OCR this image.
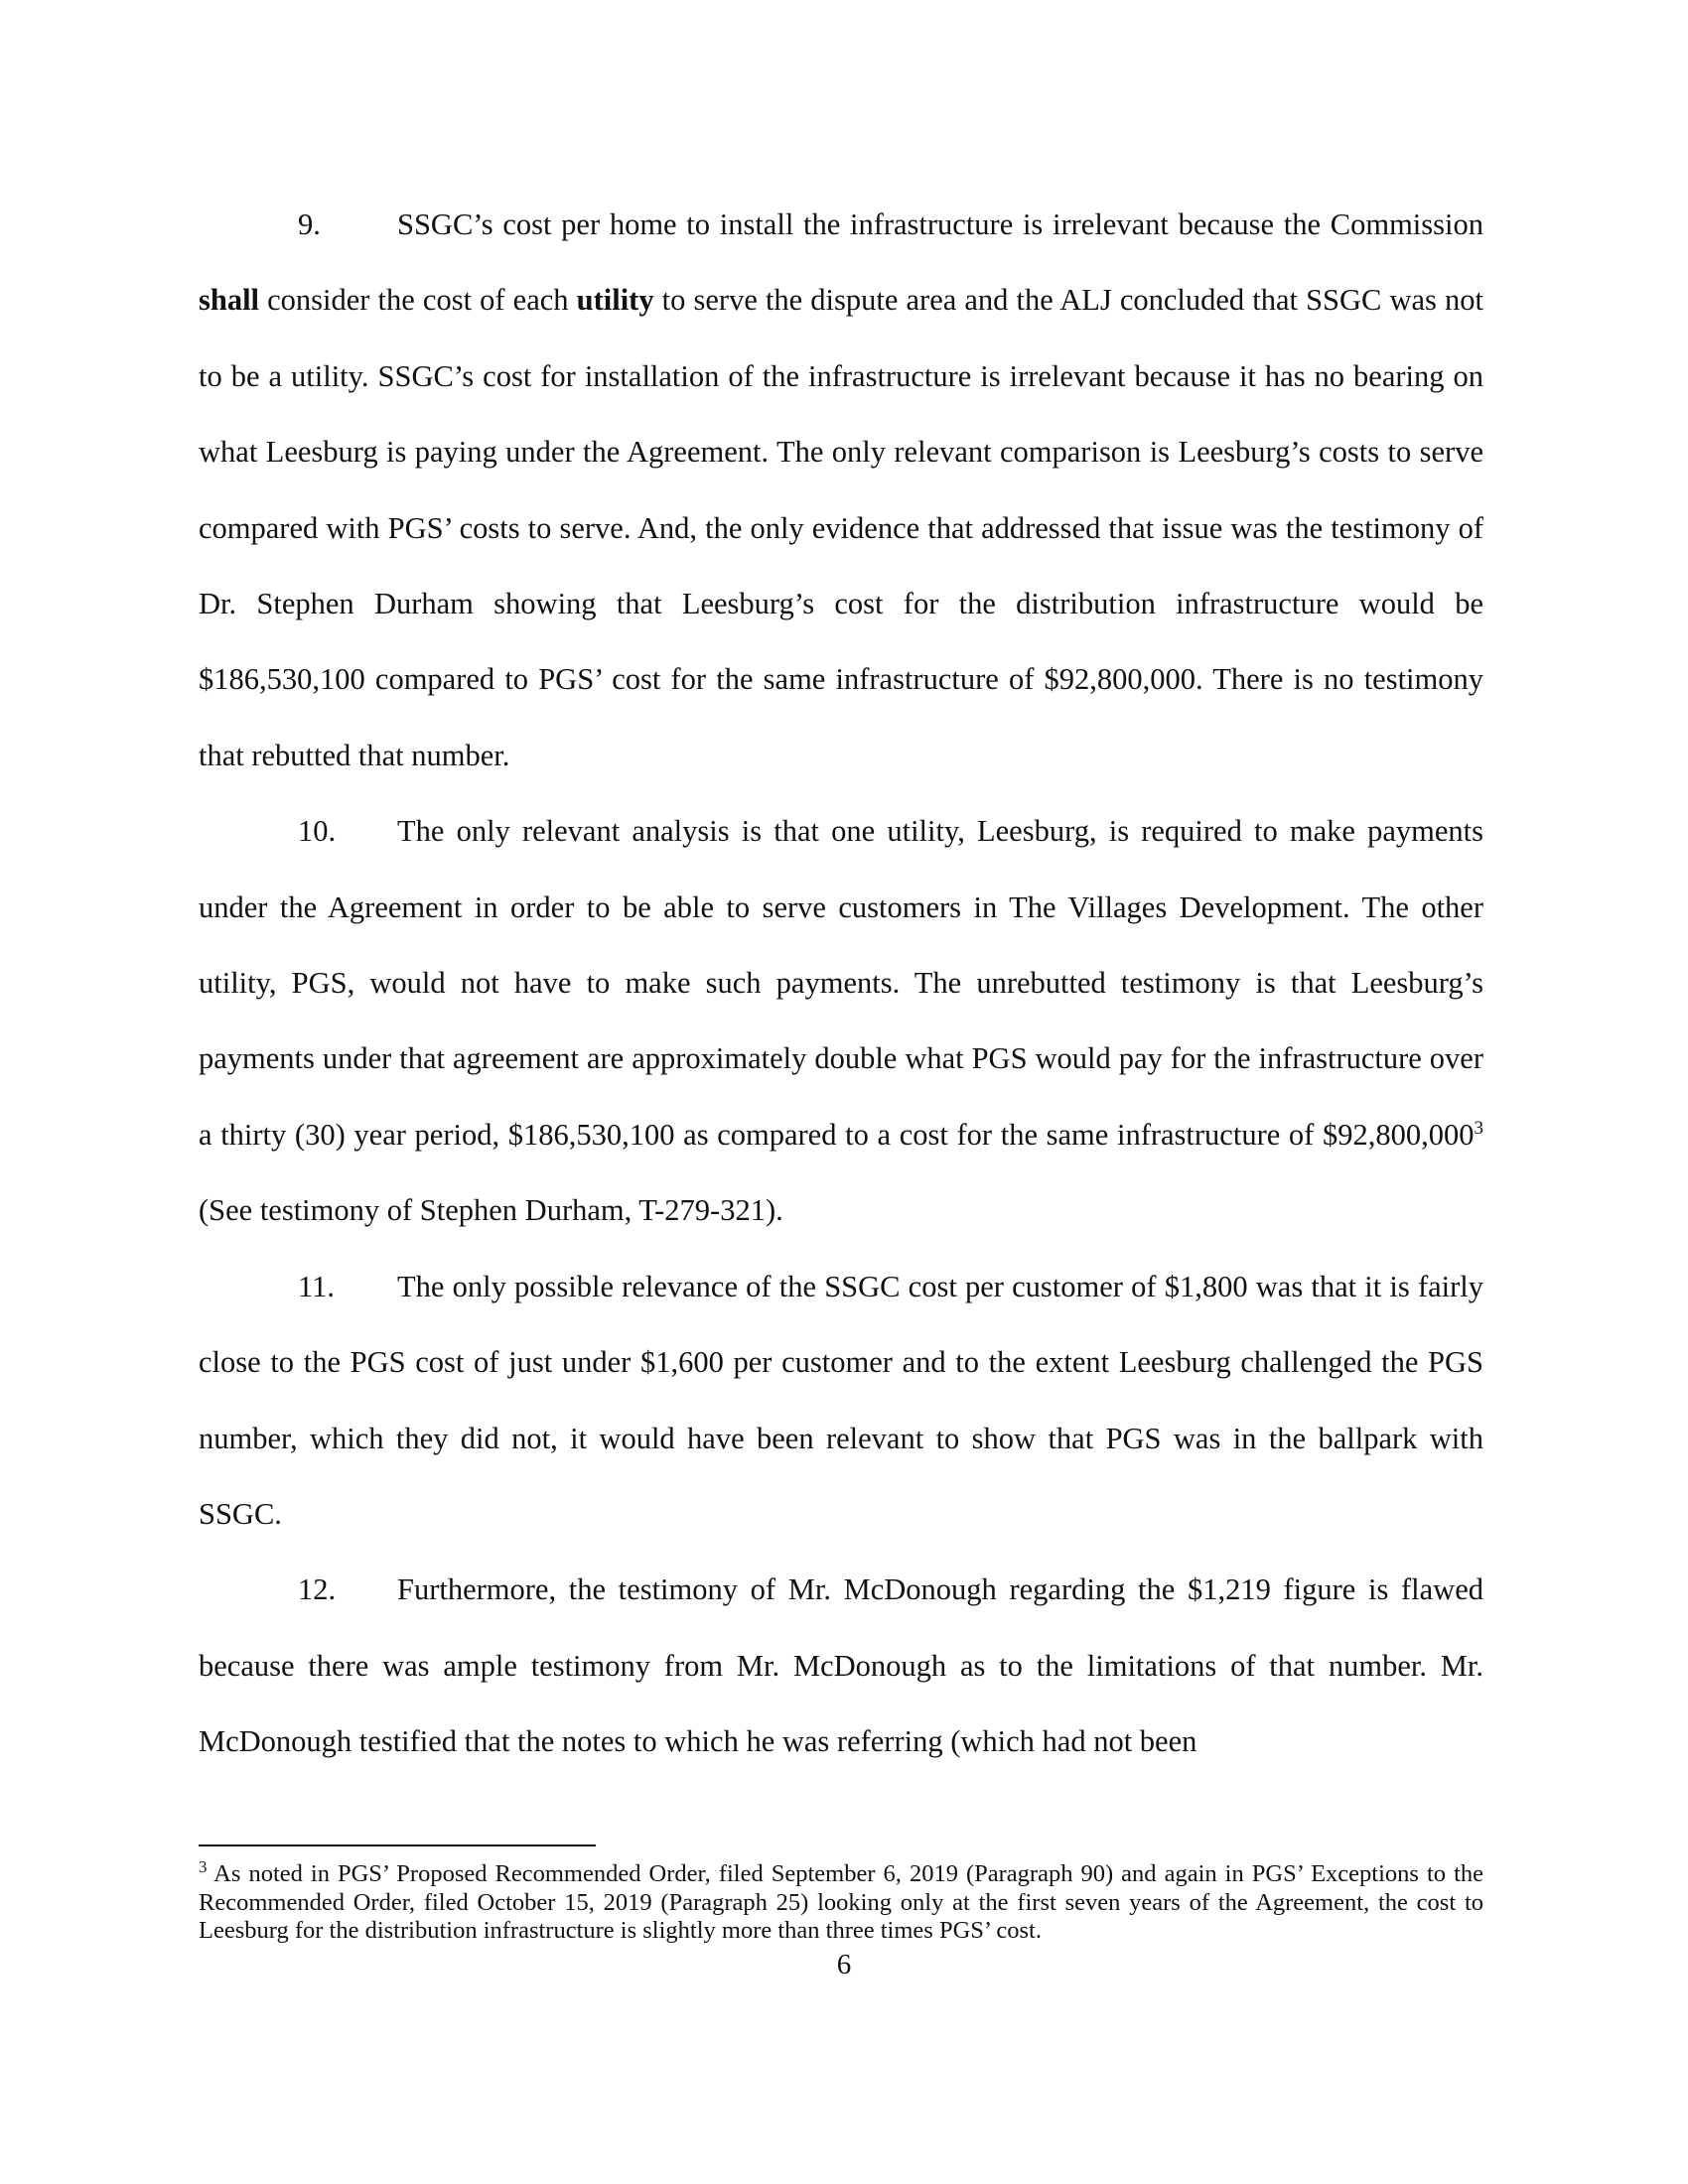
9.	SSGC’s cost per home to install the infrastructure is irrelevant because the Commission shall consider the cost of each utility to serve the dispute area and the ALJ concluded that SSGC was not to be a utility. SSGC’s cost for installation of the infrastructure is irrelevant because it has no bearing on what Leesburg is paying under the Agreement. The only relevant comparison is Leesburg’s costs to serve compared with PGS’ costs to serve. And, the only evidence that addressed that issue was the testimony of Dr. Stephen Durham showing that Leesburg’s cost for the distribution infrastructure would be $186,530,100 compared to PGS’ cost for the same infrastructure of $92,800,000. There is no testimony that rebutted that number.

10. The only relevant analysis is that one utility, Leesburg, is required to make payments under the Agreement in order to be able to serve customers in The Villages Development. The other utility, PGS, would not have to make such payments. The unrebutted testimony is that Leesburg’s payments under that agreement are approximately double what PGS would pay for the infrastructure over a thirty (30) year period, $186,530,100 as compared to a cost for the same infrastructure of $92,800,000$^3$ (See testimony of Stephen Durham, T-279-321).

11. The only possible relevance of the SSGC cost per customer of $1,800 was that it is fairly close to the PGS cost of just under $1,600 per customer and to the extent Leesburg challenged the PGS number, which they did not, it would have been relevant to show that PGS was in the ballpark with SSGC.

12. Furthermore, the testimony of Mr. McDonough regarding the $1,219 figure is flawed because there was ample testimony from Mr. McDonough as to the limitations of that number. Mr. McDonough testified that the notes to which he was referring (which had not been

$^3$ As noted in PGS’ Proposed Recommended Order, filed September 6, 2019 (Paragraph 90) and again in PGS’ Exceptions to the Recommended Order, filed October 15, 2019 (Paragraph 25) looking only at the first seven years of the Agreement, the cost to Leesburg for the distribution infrastructure is slightly more than three times PGS’ cost.

6
